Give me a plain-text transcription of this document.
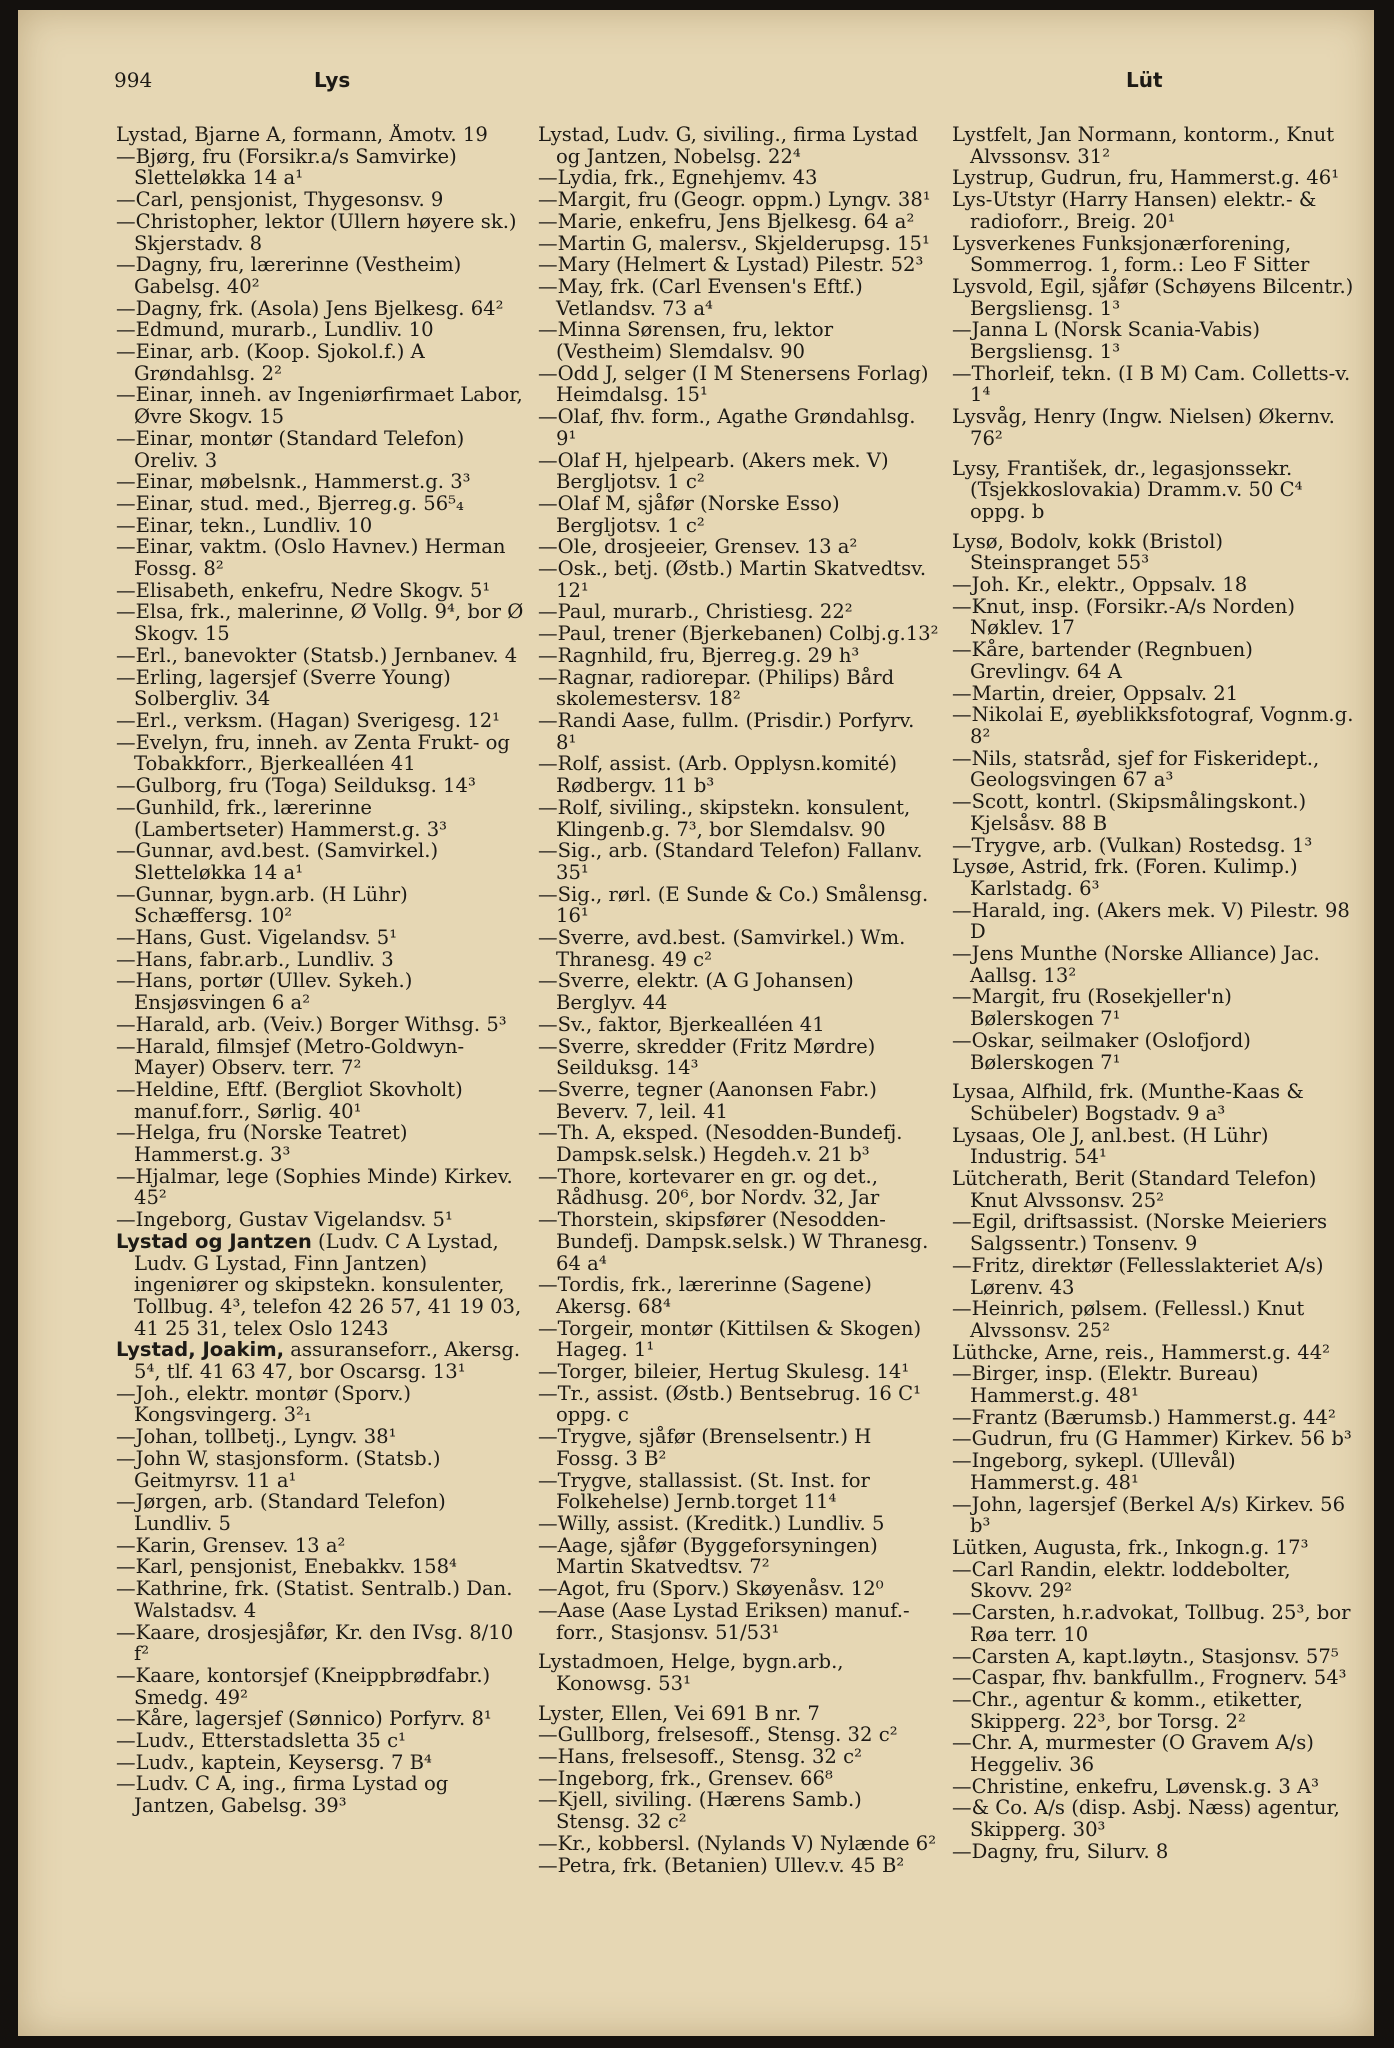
994	Lys	Lüt
Lystad, Bjarne A, formann, Åmotv. 19
—Bjørg, fru (Forsikr.a/s Samvirke) Sletteløkka 14 a¹
—Carl, pensjonist, Thygesonsv. 9
—Christopher, lektor (Ullern høyere sk.) Skjerstadv. 8
—Dagny, fru, lærerinne (Vestheim) Gabelsg. 40²
—Dagny, frk. (Asola) Jens Bjelkesg. 64²
—Edmund, murarb., Lundliv. 10
—Einar, arb. (Koop. Sjokol.f.) A Grøndahlsg. 2²
—Einar, inneh. av Ingeniørfirmaet Labor, Øvre Skogv. 15
—Einar, montør (Standard Telefon) Oreliv. 3
—Einar, møbelsnk., Hammerst.g. 3³
—Einar, stud. med., Bjerreg.g. 56⁵₄
—Einar, tekn., Lundliv. 10
—Einar, vaktm. (Oslo Havnev.) Herman Fossg. 8²
—Elisabeth, enkefru, Nedre Skogv. 5¹
—Elsa, frk., malerinne, Ø Vollg. 9⁴, bor Ø Skogv. 15
—Erl., banevokter (Statsb.) Jernbanev. 4
—Erling, lagersjef (Sverre Young) Solbergliv. 34
—Erl., verksm. (Hagan) Sverigesg. 12¹
—Evelyn, fru, inneh. av Zenta Frukt- og Tobakkforr., Bjerkealléen 41
—Gulborg, fru (Toga) Seilduksg. 14³
—Gunhild, frk., lærerinne (Lambertseter) Hammerst.g. 3³
—Gunnar, avd.best. (Samvirkel.) Sletteløkka 14 a¹
—Gunnar, bygn.arb. (H Lühr) Schæffersg. 10²
—Hans, Gust. Vigelandsv. 5¹
—Hans, fabr.arb., Lundliv. 3
—Hans, portør (Ullev. Sykeh.) Ensjøsvingen 6 a²
—Harald, arb. (Veiv.) Borger Withsg. 5³
—Harald, filmsjef (Metro-Goldwyn-Mayer) Observ. terr. 7²
—Heldine, Eftf. (Bergliot Skovholt) manuf.forr., Sørlig. 40¹
—Helga, fru (Norske Teatret) Hammerst.g. 3³
—Hjalmar, lege (Sophies Minde) Kirkev. 45²
—Ingeborg, Gustav Vigelandsv. 5¹
Lystad og Jantzen (Ludv. C A Lystad, Ludv. G Lystad, Finn Jantzen) ingeniører og skipstekn. konsulenter, Tollbug. 4³, telefon 42 26 57, 41 19 03, 41 25 31, telex Oslo 1243
Lystad, Joakim, assuranseforr., Akersg. 5⁴, tlf. 41 63 47, bor Oscarsg. 13¹
—Joh., elektr. montør (Sporv.) Kongsvingerg. 3²₁
—Johan, tollbetj., Lyngv. 38¹
—John W, stasjonsform. (Statsb.) Geitmyrsv. 11 a¹
—Jørgen, arb. (Standard Telefon) Lundliv. 5
—Karin, Grensev. 13 a²
—Karl, pensjonist, Enebakkv. 158⁴
—Kathrine, frk. (Statist. Sentralb.) Dan. Walstadsv. 4
—Kaare, drosjesjåfør, Kr. den IVsg. 8/10 f²
—Kaare, kontorsjef (Kneippbrødfabr.) Smedg. 49²
—Kåre, lagersjef (Sønnico) Porfyrv. 8¹
—Ludv., Etterstadsletta 35 c¹
—Ludv., kaptein, Keysersg. 7 B⁴
—Ludv. C A, ing., firma Lystad og Jantzen, Gabelsg. 39³
Lystad, Ludv. G, siviling., firma Lystad og Jantzen, Nobelsg. 22⁴
—Lydia, frk., Egnehjemv. 43
—Margit, fru (Geogr. oppm.) Lyngv. 38¹
—Marie, enkefru, Jens Bjelkesg. 64 a²
—Martin G, malersv., Skjelderupsg. 15¹
—Mary (Helmert & Lystad) Pilestr. 52³
—May, frk. (Carl Evensen's Eftf.) Vetlandsv. 73 a⁴
—Minna Sørensen, fru, lektor (Vestheim) Slemdalsv. 90
—Odd J, selger (I M Stenersens Forlag) Heimdalsg. 15¹
—Olaf, fhv. form., Agathe Grøndahlsg. 9¹
—Olaf H, hjelpearb. (Akers mek. V) Bergljotsv. 1 c²
—Olaf M, sjåfør (Norske Esso) Bergljotsv. 1 c²
—Ole, drosjeeier, Grensev. 13 a²
—Osk., betj. (Østb.) Martin Skatvedtsv. 12¹
—Paul, murarb., Christiesg. 22²
—Paul, trener (Bjerkebanen) Colbj.g.13²
—Ragnhild, fru, Bjerreg.g. 29 h³
—Ragnar, radiorepar. (Philips) Bård skolemestersv. 18²
—Randi Aase, fullm. (Prisdir.) Porfyrv. 8¹
—Rolf, assist. (Arb. Opplysn.komité) Rødbergv. 11 b³
—Rolf, siviling., skipstekn. konsulent, Klingenb.g. 7³, bor Slemdalsv. 90
—Sig., arb. (Standard Telefon) Fallanv. 35¹
—Sig., rørl. (E Sunde & Co.) Smålensg. 16¹
—Sverre, avd.best. (Samvirkel.) Wm. Thranesg. 49 c²
—Sverre, elektr. (A G Johansen) Berglyv. 44
—Sv., faktor, Bjerkealléen 41
—Sverre, skredder (Fritz Mørdre) Seilduksg. 14³
—Sverre, tegner (Aanonsen Fabr.) Beverv. 7, leil. 41
—Th. A, eksped. (Nesodden-Bundefj. Dampsk.selsk.) Hegdeh.v. 21 b³
—Thore, kortevarer en gr. og det., Rådhusg. 20⁶, bor Nordv. 32, Jar
—Thorstein, skipsfører (Nesodden-Bundefj. Dampsk.selsk.) W Thranesg. 64 a⁴
—Tordis, frk., lærerinne (Sagene) Akersg. 68⁴
—Torgeir, montør (Kittilsen & Skogen) Hageg. 1¹
—Torger, bileier, Hertug Skulesg. 14¹
—Tr., assist. (Østb.) Bentsebrug. 16 C¹ oppg. c
—Trygve, sjåfør (Brenselsentr.) H Fossg. 3 B²
—Trygve, stallassist. (St. Inst. for Folkehelse) Jernb.torget 11⁴
—Willy, assist. (Kreditk.) Lundliv. 5
—Aage, sjåfør (Byggeforsyningen) Martin Skatvedtsv. 7²
—Agot, fru (Sporv.) Skøyenåsv. 12⁰
—Aase (Aase Lystad Eriksen) manuf.-forr., Stasjonsv. 51/53¹
Lystadmoen, Helge, bygn.arb., Konowsg. 53¹
Lyster, Ellen, Vei 691 B nr. 7
—Gullborg, frelsesoff., Stensg. 32 c²
—Hans, frelsesoff., Stensg. 32 c²
—Ingeborg, frk., Grensev. 66⁸
—Kjell, siviling. (Hærens Samb.) Stensg. 32 c²
—Kr., kobbersl. (Nylands V) Nylænde 6²
—Petra, frk. (Betanien) Ullev.v. 45 B²
Lystfelt, Jan Normann, kontorm., Knut Alvssonsv. 31²
Lystrup, Gudrun, fru, Hammerst.g. 46¹
Lys-Utstyr (Harry Hansen) elektr.- & radioforr., Breig. 20¹
Lysverkenes Funksjonærforening, Sommerrog. 1, form.: Leo F Sitter
Lysvold, Egil, sjåfør (Schøyens Bilcentr.) Bergsliensg. 1³
—Janna L (Norsk Scania-Vabis) Bergsliensg. 1³
—Thorleif, tekn. (I B M) Cam. Colletts-v. 1⁴
Lysvåg, Henry (Ingw. Nielsen) Økernv. 76²
Lysy, František, dr., legasjonssekr. (Tsjekkoslovakia) Dramm.v. 50 C⁴ oppg. b
Lysø, Bodolv, kokk (Bristol) Steinspranget 55³
—Joh. Kr., elektr., Oppsalv. 18
—Knut, insp. (Forsikr.-A/s Norden) Nøklev. 17
—Kåre, bartender (Regnbuen) Grevlingv. 64 A
—Martin, dreier, Oppsalv. 21
—Nikolai E, øyeblikksfotograf, Vognm.g. 8²
—Nils, statsråd, sjef for Fiskeridept., Geologsvingen 67 a³
—Scott, kontrl. (Skipsmålingskont.) Kjelsåsv. 88 B
—Trygve, arb. (Vulkan) Rostedsg. 1³
Lysøe, Astrid, frk. (Foren. Kulimp.) Karlstadg. 6³
—Harald, ing. (Akers mek. V) Pilestr. 98 D
—Jens Munthe (Norske Alliance) Jac. Aallsg. 13²
—Margit, fru (Rosekjeller'n) Bølerskogen 7¹
—Oskar, seilmaker (Oslofjord) Bølerskogen 7¹
Lysaa, Alfhild, frk. (Munthe-Kaas & Schübeler) Bogstadv. 9 a³
Lysaas, Ole J, anl.best. (H Lühr) Industrig. 54¹
Lütcherath, Berit (Standard Telefon) Knut Alvssonsv. 25²
—Egil, driftsassist. (Norske Meieriers Salgssentr.) Tonsenv. 9
—Fritz, direktør (Fellesslakteriet A/s) Lørenv. 43
—Heinrich, pølsem. (Fellessl.) Knut Alvssonsv. 25²
Lüthcke, Arne, reis., Hammerst.g. 44²
—Birger, insp. (Elektr. Bureau) Hammerst.g. 48¹
—Frantz (Bærumsb.) Hammerst.g. 44²
—Gudrun, fru (G Hammer) Kirkev. 56 b³
—Ingeborg, sykepl. (Ullevål) Hammerst.g. 48¹
—John, lagersjef (Berkel A/s) Kirkev. 56 b³
Lütken, Augusta, frk., Inkogn.g. 17³
—Carl Randin, elektr. loddebolter, Skovv. 29²
—Carsten, h.r.advokat, Tollbug. 25³, bor Røa terr. 10
—Carsten A, kapt.løytn., Stasjonsv. 57⁵
—Caspar, fhv. bankfullm., Frognerv. 54³
—Chr., agentur & komm., etiketter, Skipperg. 22³, bor Torsg. 2²
—Chr. A, murmester (O Gravem A/s) Heggeliv. 36
—Christine, enkefru, Løvensk.g. 3 A³
—& Co. A/s (disp. Asbj. Næss) agentur, Skipperg. 30³
—Dagny, fru, Silurv. 8
